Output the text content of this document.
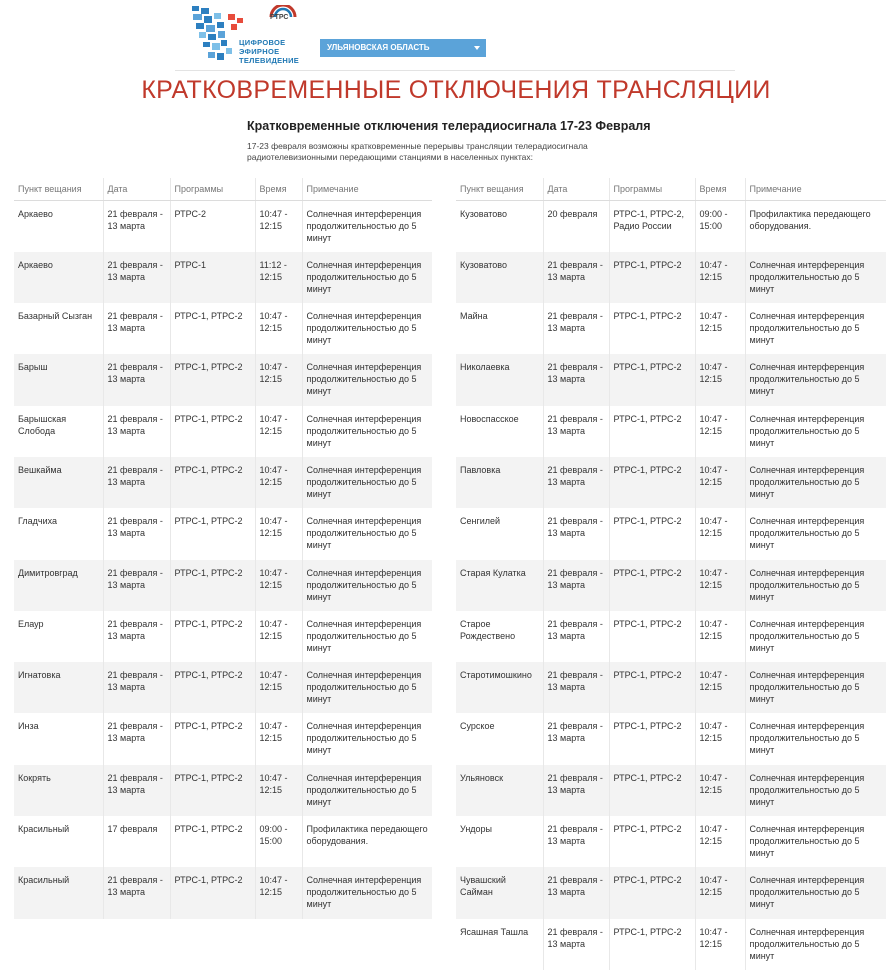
ЦИФРОВОЕ
ЭФИРНОЕ
ТЕЛЕВИДЕНИЕ
РТРС
УЛЬЯНОВСКАЯ ОБЛАСТЬ
КРАТКОВРЕМЕННЫЕ ОТКЛЮЧЕНИЯ ТРАНСЛЯЦИИ
Кратковременные отключения телерадиосигнала 17-23 Февраля
17-23 февраля возможны кратковременные перерывы трансляции телерадиосигнала радиотелевизионными передающими станциями в населенных пунктах:
Пункт вещания	Дата	Программы	Время	Примечание
Аркаево	21 февраля - 13 марта	РТРС-2	10:47 - 12:15	Солнечная интерференция продолжительностью до 5 минут
Аркаево	21 февраля - 13 марта	РТРС-1	11:12 - 12:15	Солнечная интерференция продолжительностью до 5 минут
Базарный Сызган	21 февраля - 13 марта	РТРС-1, РТРС-2	10:47 - 12:15	Солнечная интерференция продолжительностью до 5 минут
Барыш	21 февраля - 13 марта	РТРС-1, РТРС-2	10:47 - 12:15	Солнечная интерференция продолжительностью до 5 минут
Барышская Слобода	21 февраля - 13 марта	РТРС-1, РТРС-2	10:47 - 12:15	Солнечная интерференция продолжительностью до 5 минут
Вешкайма	21 февраля - 13 марта	РТРС-1, РТРС-2	10:47 - 12:15	Солнечная интерференция продолжительностью до 5 минут
Гладчиха	21 февраля - 13 марта	РТРС-1, РТРС-2	10:47 - 12:15	Солнечная интерференция продолжительностью до 5 минут
Димитровград	21 февраля - 13 марта	РТРС-1, РТРС-2	10:47 - 12:15	Солнечная интерференция продолжительностью до 5 минут
Елаур	21 февраля - 13 марта	РТРС-1, РТРС-2	10:47 - 12:15	Солнечная интерференция продолжительностью до 5 минут
Игнатовка	21 февраля - 13 марта	РТРС-1, РТРС-2	10:47 - 12:15	Солнечная интерференция продолжительностью до 5 минут
Инза	21 февраля - 13 марта	РТРС-1, РТРС-2	10:47 - 12:15	Солнечная интерференция продолжительностью до 5 минут
Кокрять	21 февраля - 13 марта	РТРС-1, РТРС-2	10:47 - 12:15	Солнечная интерференция продолжительностью до 5 минут
Красильный	17 февраля	РТРС-1, РТРС-2	09:00 - 15:00	Профилактика передающего оборудования.
Красильный	21 февраля - 13 марта	РТРС-1, РТРС-2	10:47 - 12:15	Солнечная интерференция продолжительностью до 5 минут
Пункт вещания	Дата	Программы	Время	Примечание
Кузоватово	20 февраля	РТРС-1, РТРС-2, Радио России	09:00 - 15:00	Профилактика передающего оборудования.
Кузоватово	21 февраля - 13 марта	РТРС-1, РТРС-2	10:47 - 12:15	Солнечная интерференция продолжительностью до 5 минут
Майна	21 февраля - 13 марта	РТРС-1, РТРС-2	10:47 - 12:15	Солнечная интерференция продолжительностью до 5 минут
Николаевка	21 февраля - 13 марта	РТРС-1, РТРС-2	10:47 - 12:15	Солнечная интерференция продолжительностью до 5 минут
Новоспасское	21 февраля - 13 марта	РТРС-1, РТРС-2	10:47 - 12:15	Солнечная интерференция продолжительностью до 5 минут
Павловка	21 февраля - 13 марта	РТРС-1, РТРС-2	10:47 - 12:15	Солнечная интерференция продолжительностью до 5 минут
Сенгилей	21 февраля - 13 марта	РТРС-1, РТРС-2	10:47 - 12:15	Солнечная интерференция продолжительностью до 5 минут
Старая Кулатка	21 февраля - 13 марта	РТРС-1, РТРС-2	10:47 - 12:15	Солнечная интерференция продолжительностью до 5 минут
Старое Рождествено	21 февраля - 13 марта	РТРС-1, РТРС-2	10:47 - 12:15	Солнечная интерференция продолжительностью до 5 минут
Старотимошкино	21 февраля - 13 марта	РТРС-1, РТРС-2	10:47 - 12:15	Солнечная интерференция продолжительностью до 5 минут
Сурское	21 февраля - 13 марта	РТРС-1, РТРС-2	10:47 - 12:15	Солнечная интерференция продолжительностью до 5 минут
Ульяновск	21 февраля - 13 марта	РТРС-1, РТРС-2	10:47 - 12:15	Солнечная интерференция продолжительностью до 5 минут
Ундоры	21 февраля - 13 марта	РТРС-1, РТРС-2	10:47 - 12:15	Солнечная интерференция продолжительностью до 5 минут
Чувашский Сайман	21 февраля - 13 марта	РТРС-1, РТРС-2	10:47 - 12:15	Солнечная интерференция продолжительностью до 5 минут
Ясашная Ташла	21 февраля - 13 марта	РТРС-1, РТРС-2	10:47 - 12:15	Солнечная интерференция продолжительностью до 5 минут
